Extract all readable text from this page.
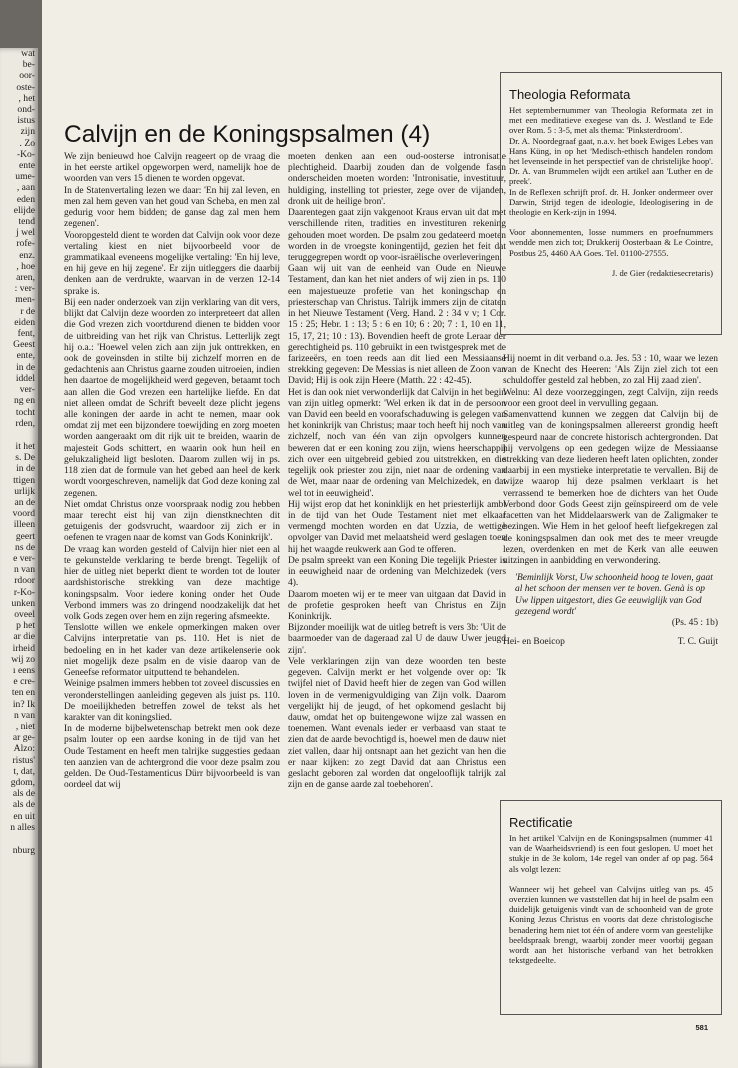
wat
be-
oor-
oste-
, het
ond-
istus
zijn
. Zo
-Ko-
ente
ume-
, aan
eden
elijde
tend
j wel
rofe-
enz.
, hoe
aren,
: ver-
men-
r de
eiden
fent,
Geest
ente,
in de
iddel
ver-
ng en
tocht
rden,
it het
s. De
in de
ttigen
urlijk
an de
voord
illeen
geert
ns de
e ver-
n van
rdoor
r-Ko-
unken
oveel
p het
ar die
irheid
wij zo
ı eens
e cre-
ten en
in? Ik
n van
, niet
ar ge-
Alzo:
ristus'
t, dat,
gdom,
als de
als de
en uit
n alles
nburg
Calvijn en de Koningspsalmen (4)

We zijn benieuwd hoe Calvijn reageert op de vraag die in het eerste artikel opgeworpen werd, namelijk hoe de woorden van vers 15 dienen te worden opgevat.

In de Statenvertaling lezen we daar: 'En hij zal leven, en men zal hem geven van het goud van Scheba, en men zal gedurig voor hem bidden; de ganse dag zal men hem zegenen'.

Vooropgesteld dient te worden dat Calvijn ook voor deze vertaling kiest en niet bijvoorbeeld voor de grammatikaal eveneens mogelijke vertaling: 'En hij leve, en hij geve en hij zegene'. Er zijn uitleggers die daarbij denken aan de verdrukte, waarvan in de verzen 12-14 sprake is.

Bij een nader onderzoek van zijn verklaring van dit vers, blijkt dat Calvijn deze woorden zo interpreteert dat allen die God vrezen zich voortdurend dienen te bidden voor de uitbreiding van het rijk van Christus. Letterlijk zegt hij o.a.: 'Hoewel velen zich aan zijn juk onttrekken, en ook de goveinsden in stilte bij zichzelf morren en de gedachtenis aan Christus gaarne zouden uitroeien, indien hen daartoe de mogelijkheid werd gegeven, betaamt toch aan allen die God vrezen een hartelijke liefde. En dat niet alleen omdat de Schrift beveelt deze plicht jegens alle koningen der aarde in acht te nemen, maar ook omdat zij met een bijzondere toewijding en zorg moeten worden aangeraakt om dit rijk uit te breiden, waarin de majesteit Gods schittert, en waarin ook hun heil en gelukzaligheid ligt besloten. Daarom zullen wij in ps. 118 zien dat de formule van het gebed aan heel de kerk wordt voorgeschreven, namelijk dat God deze koning zal zegenen.

Niet omdat Christus onze voorspraak nodig zou hebben maar terecht eist hij van zijn dienstknechten dit getuigenis der godsvrucht, waardoor zij zich er in oefenen te vragen naar de komst van Gods Koninkrijk'.

De vraag kan worden gesteld of Calvijn hier niet een al te gekunstelde verklaring te berde brengt. Tegelijk of hier de uitleg niet beperkt dient te worden tot de louter aardshistorische strekking van deze machtige koningspsalm. Voor iedere koning onder het Oude Verbond immers was zo dringend noodzakelijk dat het volk Gods zegen over hem en zijn regering afsmeekte.

Tenslotte willen we enkele opmerkingen maken over Calvijns interpretatie van ps. 110. Het is niet de bedoeling en in het kader van deze artikelenserie ook niet mogelijk deze psalm en de visie daarop van de Geneefse reformator uitputtend te behandelen.

Weinige psalmen immers hebben tot zoveel discussies en veronderstellingen aanleiding gegeven als juist ps. 110. De moeilijkheden betreffen zowel de tekst als het karakter van dit koningslied.

In de moderne bijbelwetenschap betrekt men ook deze psalm louter op een aardse koning in de tijd van het Oude Testament en heeft men talrijke suggesties gedaan ten aanzien van de achtergrond die voor deze psalm zou gelden. De Oud-Testamenticus Dürr bijvoorbeeld is van oordeel dat wij

moeten denken aan een oud-oosterse intronisatie plechtigheid. Daarbij zouden dan de volgende fasen onderscheiden moeten worden: 'Intronisatie, investituur, huldiging, instelling tot priester, zege over de vijanden, dronk uit de heilige bron'.

Daarentegen gaat zijn vakgenoot Kraus ervan uit dat met verschillende riten, tradities en investituren rekening gehouden moet worden. De psalm zou gedateerd moeten worden in de vroegste koningentijd, gezien het feit dat teruggegrepen wordt op voor-israëlische overleveringen.

Gaan wij uit van de eenheid van Oude en Nieuwe Testament, dan kan het niet anders of wij zien in ps. 110 een majestueuze profetie van het koningschap en priesterschap van Christus. Talrijk immers zijn de citaten in het Nieuwe Testament (Verg. Hand. 2 : 34 v v; 1 Cor. 15 : 25; Hebr. 1 : 13; 5 : 6 en 10; 6 : 20; 7 : 1, 10 en 11, 15, 17, 21; 10 : 13). Bovendien heeft de grote Leraar der gerechtigheid ps. 110 gebruikt in een twistgesprek met de farizeeërs, en toen reeds aan dit lied een Messiaanse strekking gegeven: De Messias is niet alleen de Zoon van David; Hij is ook zijn Heere (Matth. 22 : 42-45).

Het is dan ook niet verwonderlijk dat Calvijn in het begin van zijn uitleg opmerkt: 'Wel erken ik dat in de persoon van David een beeld en voorafschaduwing is gelegen van het koninkrijk van Christus; maar toch heeft hij noch van zichzelf, noch van één van zijn opvolgers kunnen beweren dat er een koning zou zijn, wiens heerschappij zich over een uitgebreid gebied zou uitstrekken, en die tegelijk ook priester zou zijn, niet naar de ordening van de Wet, maar naar de ordening van Melchizedek, en dat wel tot in eeuwigheid'.

Hij wijst erop dat het koninklijk en het priesterlijk ambt in de tijd van het Oude Testament niet met elkaar vermengd mochten worden en dat Uzzia, de wettige opvolger van David met melaatsheid werd geslagen toen hij het waagde reukwerk aan God te offeren.

De psalm spreekt van een Koning Die tegelijk Priester is in eeuwigheid naar de ordening van Melchizedek (vers 4).

Daarom moeten wij er te meer van uitgaan dat David in de profetie gesproken heeft van Christus en Zijn Koninkrijk.

Bijzonder moeilijk wat de uitleg betreft is vers 3b: 'Uit de baarmoeder van de dageraad zal U de dauw Uwer jeugd zijn'.

Vele verklaringen zijn van deze woorden ten beste gegeven. Calvijn merkt er het volgende over op: 'Ik twijfel niet of David heeft hier de zegen van God willen loven in de vermenigvuldiging van Zijn volk. Daarom vergelijkt hij de jeugd, of het opkomend geslacht bij dauw, omdat het op buitengewone wijze zal wassen en toenemen. Want evenals ieder er verbaasd van staat te zien dat de aarde bevochtigd is, hoewel men de dauw niet ziet vallen, daar hij ontsnapt aan het gezicht van hen die er naar kijken: zo zegt David dat aan Christus een geslacht geboren zal worden dat ongelooflijk talrijk zal zijn en de ganse aarde zal toebehoren'.

Theologia Reformata

Het septembernummer van Theologia Reformata zet in met een meditatieve exegese van ds. J. Westland te Ede over Rom. 5 : 3-5, met als thema: 'Pinksterdroom'.

Dr. A. Noordegraaf gaat, n.a.v. het boek Ewiges Lebes van Hans Küng, in op het 'Medisch-ethisch handelen rondom het levenseinde in het perspectief van de christelijke hoop'. Dr. A. van Brummelen wijdt een artikel aan 'Luther en de preek'.

In de Reflexen schrijft prof. dr. H. Jonker ondermeer over Darwin, Strijd tegen de ideologie, Ideologisering in de theologie en Kerk-zijn in 1994.

Voor abonnementen, losse nummers en proefnummers wendde men zich tot; Drukkerij Oosterbaan & Le Cointre, Postbus 25, 4460 AA Goes. Tel. 01100-27555.

J. de Gier (redaktiesecretaris)

Hij noemt in dit verband o.a. Jes. 53 : 10, waar we lezen van de Knecht des Heeren: 'Als Zijn ziel zich tot een schuldoffer gesteld zal hebben, zo zal Hij zaad zien'.

Welnu: Al deze voorzeggingen, zegt Calvijn, zijn reeds voor een groot deel in vervulling gegaan.

Samenvattend kunnen we zeggen dat Calvijn bij de uitleg van de koningspsalmen allereerst grondig heeft gespeurd naar de concrete historisch achtergronden. Dat hij vervolgens op een gedegen wijze de Messiaanse strekking van deze liederen heeft laten oplichten, zonder daarbij in een mystieke interpretatie te vervallen. Bij de wijze waarop hij deze psalmen verklaart is het verrassend te bemerken hoe de dichters van het Oude Verbond door Gods Geest zijn geïnspireerd om de vele facetten van het Middelaarswerk van de Zaligmaker te bezingen. Wie Hem in het geloof heeft liefgekregen zal de koningspsalmen dan ook met des te meer vreugde lezen, overdenken en met de Kerk van alle eeuwen uitzingen in aanbidding en verwondering.

'Beminlijk Vorst, Uw schoonheid hoog te loven, gaat al het schoon der mensen ver te boven. Genà is op Uw lippen uitgestort, dies Ge eeuwiglijk van God gezegend wordt'

(Ps. 45 : 1b)

Hei- en Boeicop	T. C. Guijt
Rectificatie

In het artikel 'Calvijn en de Koningspsalmen (nummer 41 van de Waarheidsvriend) is een fout geslopen. U moet het stukje in de 3e kolom, 14e regel van onder af op pag. 564 als volgt lezen:

Wanneer wij het geheel van Calvijns uitleg van ps. 45 overzien kunnen we vaststellen dat hij in heel de psalm een duidelijk getuigenis vindt van de schoonheid van de grote Koning Jezus Christus en voorts dat deze christologische benadering hem niet tot één of andere vorm van geestelijke beeldspraak brengt, waarbij zonder meer voorbij gegaan wordt aan het historische verband van het betrokken tekstgedeelte.

581
